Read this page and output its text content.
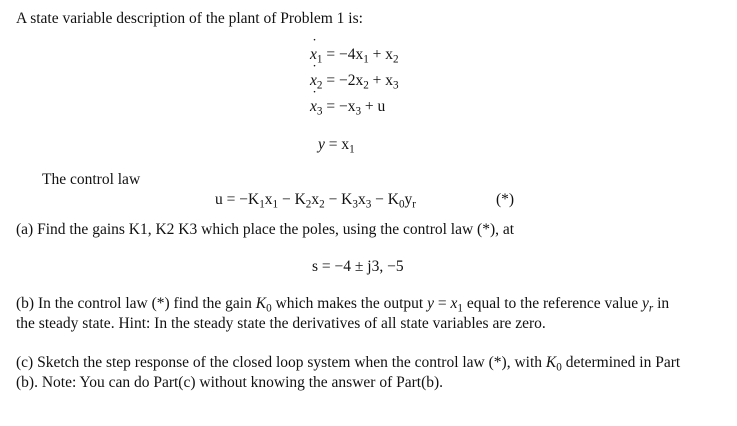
A state variable description of the plant of Problem 1 is:
˙ $x_1 = -4x_1 + x_2$
˙ $x_2 = -2x_2 + x_3$
˙ $x_3 = -x_3 + u$
$y = x_1$
The control law
$u = -K_1x_1 - K_2x_2 - K_3x_3 - K_0y_r$	(*)
(a) Find the gains K1, K2 K3 which place the poles, using the control law (*), at
s = −4 ± j3, −5
(b) In the control law (*) find the gain $K_0$ which makes the output $y = x_1$ equal to the reference value $y_r$ in
the steady state. Hint: In the steady state the derivatives of all state variables are zero.
(c) Sketch the step response of the closed loop system when the control law (*), with $K_0$ determined in Part
(b). Note: You can do Part(c) without knowing the answer of Part(b).
